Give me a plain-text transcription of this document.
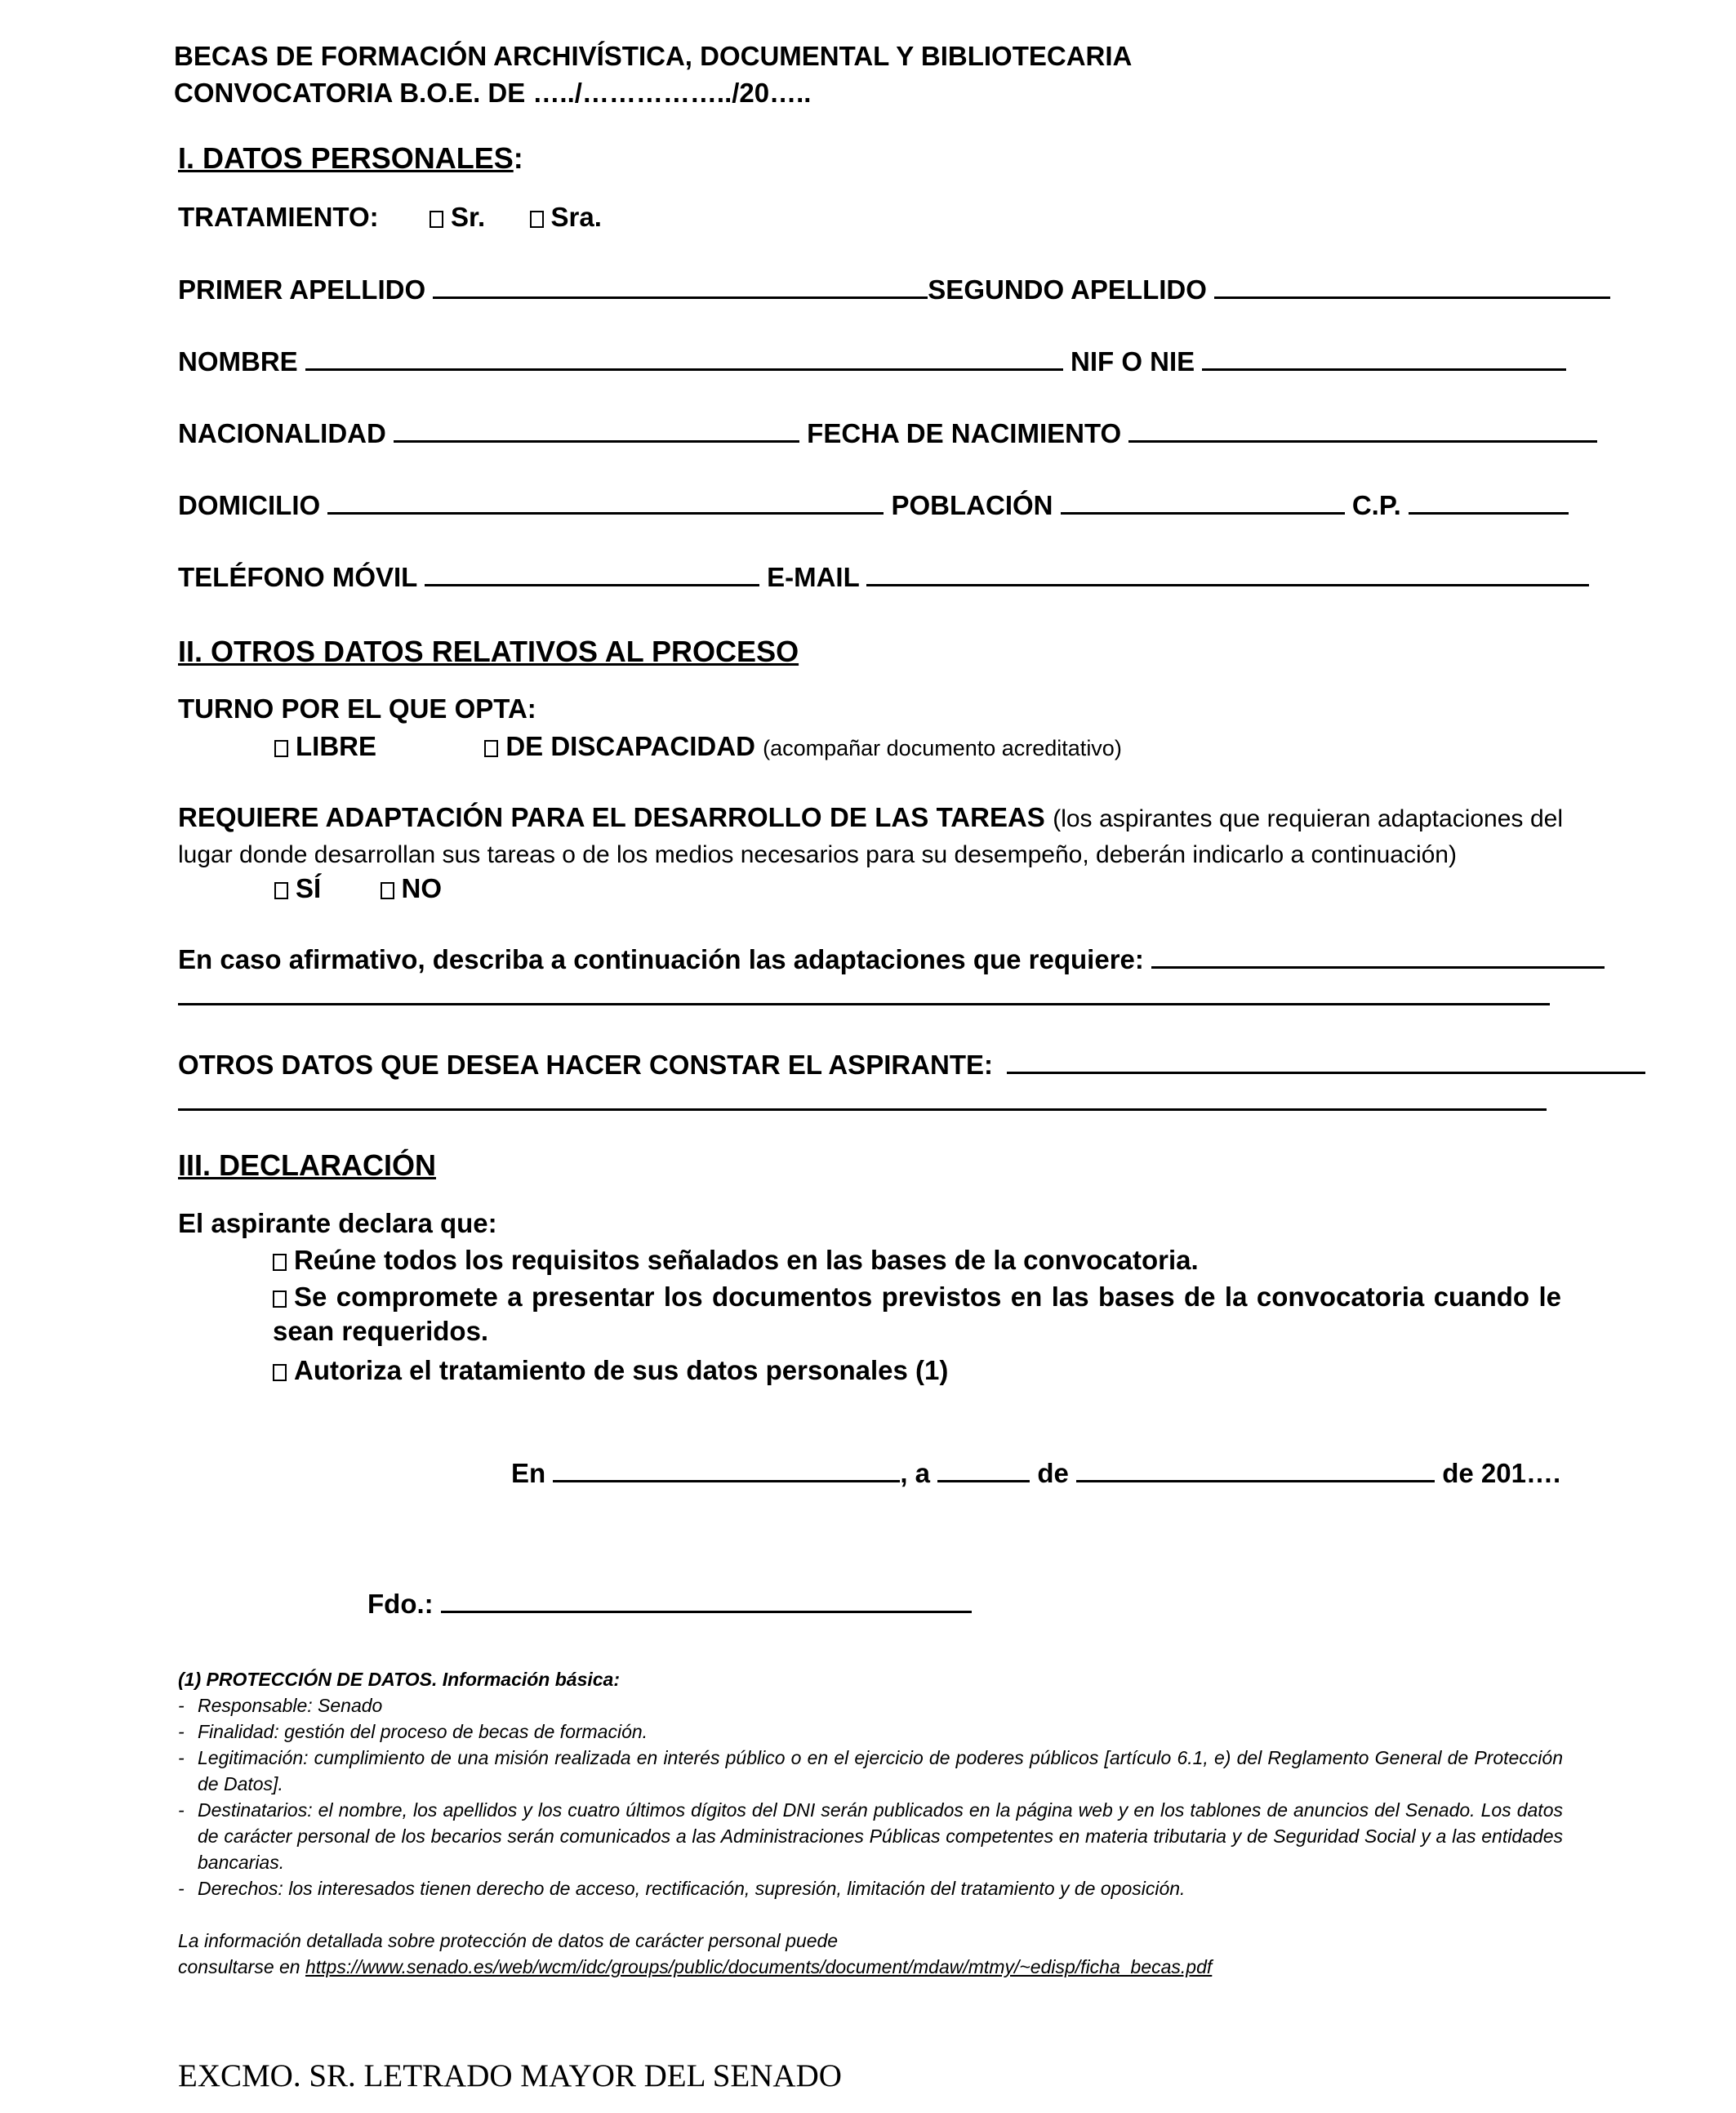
BECAS DE FORMACIÓN ARCHIVÍSTICA, DOCUMENTAL Y BIBLIOTECARIA
CONVOCATORIA B.O.E. DE …../……………../20…..
I. DATOS PERSONALES:
TRATAMIENTO:	Sr. Sra.
PRIMER APELLIDO	SEGUNDO APELLIDO
NOMBRE	NIF O NIE
NACIONALIDAD	FECHA DE NACIMIENTO
DOMICILIO	POBLACIÓN	C.P.
TELÉFONO MÓVIL	E-MAIL
II. OTROS DATOS RELATIVOS AL PROCESO
TURNO POR EL QUE OPTA:
LIBRE	DE DISCAPACIDAD (acompañar documento acreditativo)
REQUIERE ADAPTACIÓN PARA EL DESARROLLO DE LAS TAREAS (los aspirantes que requieran adaptaciones del lugar donde desarrollan sus tareas o de los medios necesarios para su desempeño, deberán indicarlo a continuación)
SÍ	NO
En caso afirmativo, describa a continuación las adaptaciones que requiere:
OTROS DATOS QUE DESEA HACER CONSTAR EL ASPIRANTE:
III. DECLARACIÓN
El aspirante declara que:
Reúne todos los requisitos señalados en las bases de la convocatoria.
Se compromete a presentar los documentos previstos en las bases de la convocatoria cuando le sean requeridos.
Autoriza el tratamiento de sus datos personales (1)
En	, a	de	de 201….
Fdo.:
(1) PROTECCIÓN DE DATOS. Información básica:
- Responsable: Senado
- Finalidad: gestión del proceso de becas de formación.
- Legitimación: cumplimiento de una misión realizada en interés público o en el ejercicio de poderes públicos [artículo 6.1, e) del Reglamento General de Protección de Datos].
- Destinatarios: el nombre, los apellidos y los cuatro últimos dígitos del DNI serán publicados en la página web y en los tablones de anuncios del Senado. Los datos de carácter personal de los becarios serán comunicados a las Administraciones Públicas competentes en materia tributaria y de Seguridad Social y a las entidades bancarias.
- Derechos: los interesados tienen derecho de acceso, rectificación, supresión, limitación del tratamiento y de oposición.
La información detallada sobre protección de datos de carácter personal puede
consultarse en https://www.senado.es/web/wcm/idc/groups/public/documents/document/mdaw/mtmy/~edisp/ficha_becas.pdf
EXCMO. SR. LETRADO MAYOR DEL SENADO
